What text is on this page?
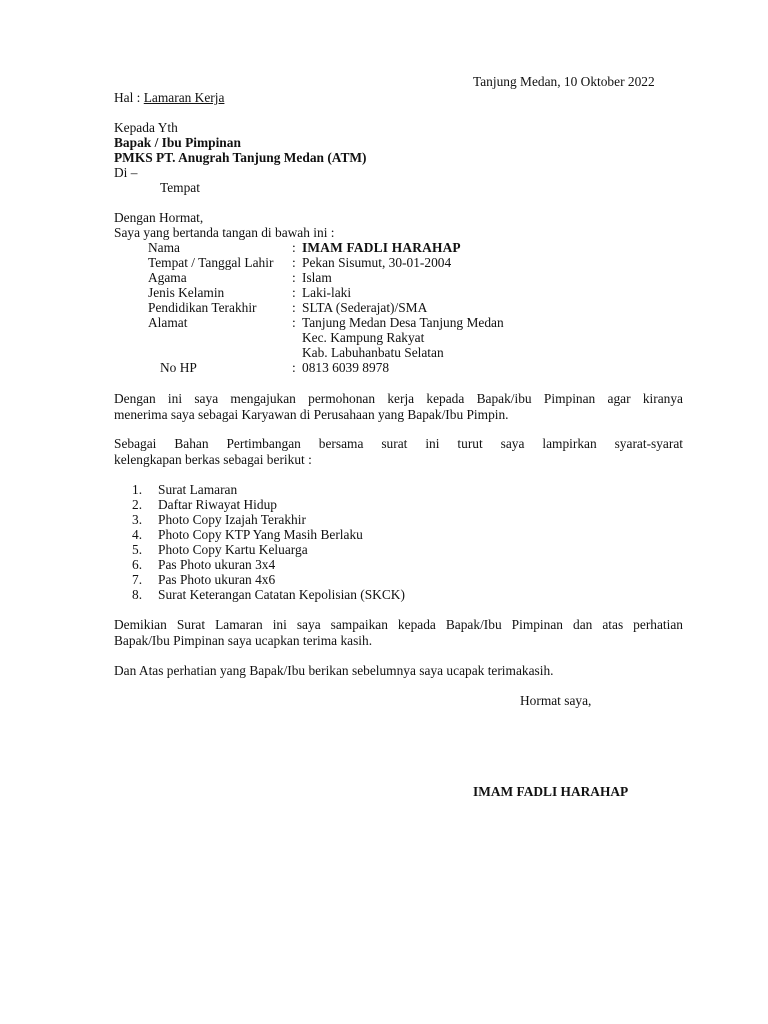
Tanjung Medan, 10 Oktober 2022
Hal : Lamaran Kerja
Kepada Yth
Bapak / Ibu Pimpinan
PMKS PT. Anugrah Tanjung Medan (ATM)
Di –
Tempat
Dengan Hormat,
Saya yang bertanda tangan di bawah ini :
Nama	: IMAM FADLI HARAHAP
Tempat / Tanggal Lahir : Pekan Sisumut, 30-01-2004
Agama	: Islam
Jenis Kelamin	: Laki-laki
Pendidikan Terakhir	: SLTA (Sederajat)/SMA
Alamat	: Tanjung Medan Desa Tanjung Medan
Kec. Kampung Rakyat
Kab. Labuhanbatu Selatan
No HP	: 0813 6039 8978
Dengan ini saya mengajukan permohonan kerja kepada Bapak/ibu Pimpinan agar kiranya
menerima saya sebagai Karyawan di Perusahaan yang Bapak/Ibu Pimpin.
Sebagai Bahan Pertimbangan bersama surat ini turut saya lampirkan syarat-syarat
kelengkapan berkas sebagai berikut :
1. Surat Lamaran
2. Daftar Riwayat Hidup
3. Photo Copy Izajah Terakhir
4. Photo Copy KTP Yang Masih Berlaku
5. Photo Copy Kartu Keluarga
6. Pas Photo ukuran 3x4
7. Pas Photo ukuran 4x6
8. Surat Keterangan Catatan Kepolisian (SKCK)
Demikian Surat Lamaran ini saya sampaikan kepada Bapak/Ibu Pimpinan dan atas perhatian
Bapak/Ibu Pimpinan saya ucapkan terima kasih.
Dan Atas perhatian yang Bapak/Ibu berikan sebelumnya saya ucapak terimakasih.
Hormat saya,
IMAM FADLI HARAHAP
